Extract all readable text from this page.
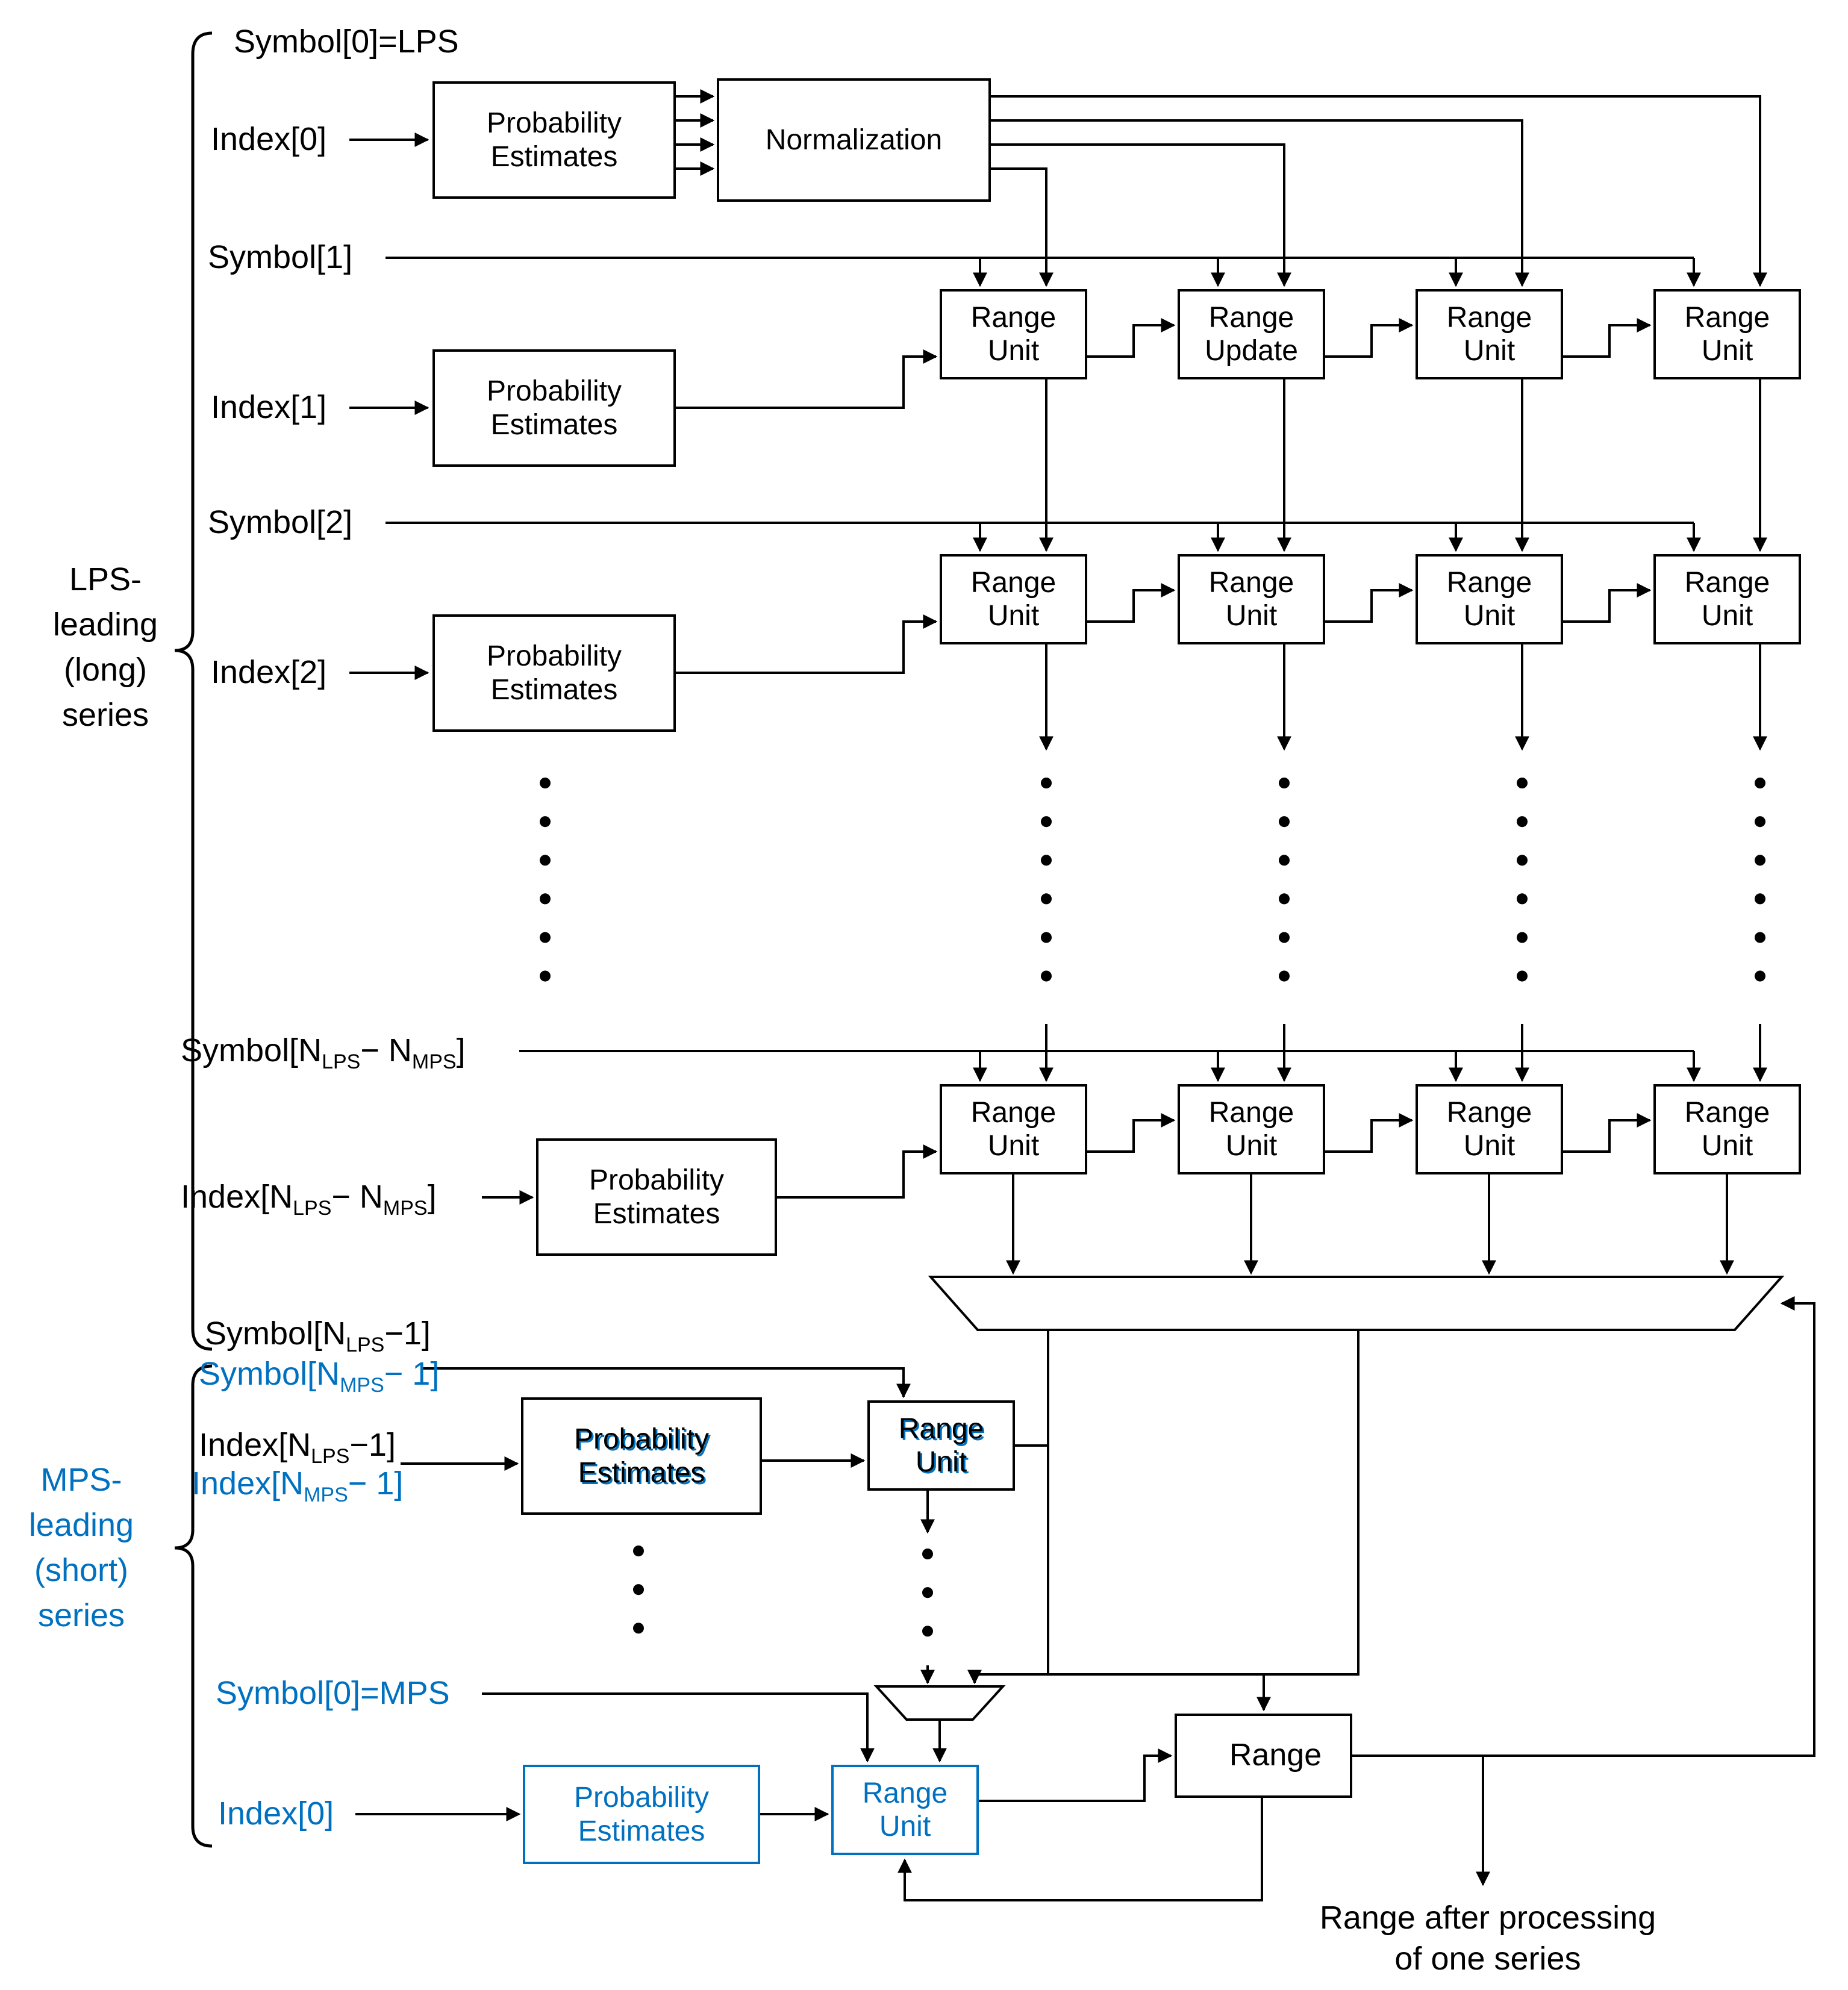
LPS-
leading
(long)
series
MPS-
leading
(short)
series
Symbol[0]=LPS
Index[0]
Symbol[1]
Index[1]
Symbol[2]
Index[2]
$Symbol[N_{LPS}- N_{MPS}]$
$Index[N_{LPS}- N_{MPS}]$
$Symbol[N_{LPS}-1]$
$Symbol[N_{MPS}- 1]$
$Index[N_{LPS}-1]$
$Index[N_{MPS}- 1]$
Symbol[0]=MPS
Index[0]
Range after processing
of one series
Probability
Estimates
Normalization
Probability
Estimates
Probability
Estimates
Probability
Estimates
Range
Unit
Range
Update
Range
Unit
Range
Unit
Range
Unit
Range
Unit
Range
Unit
Range
Unit
Range
Unit
Range
Unit
Range
Unit
Range
Unit
Probability
Estimates
Range
Unit
Probability
Estimates
Range
Unit
Range
